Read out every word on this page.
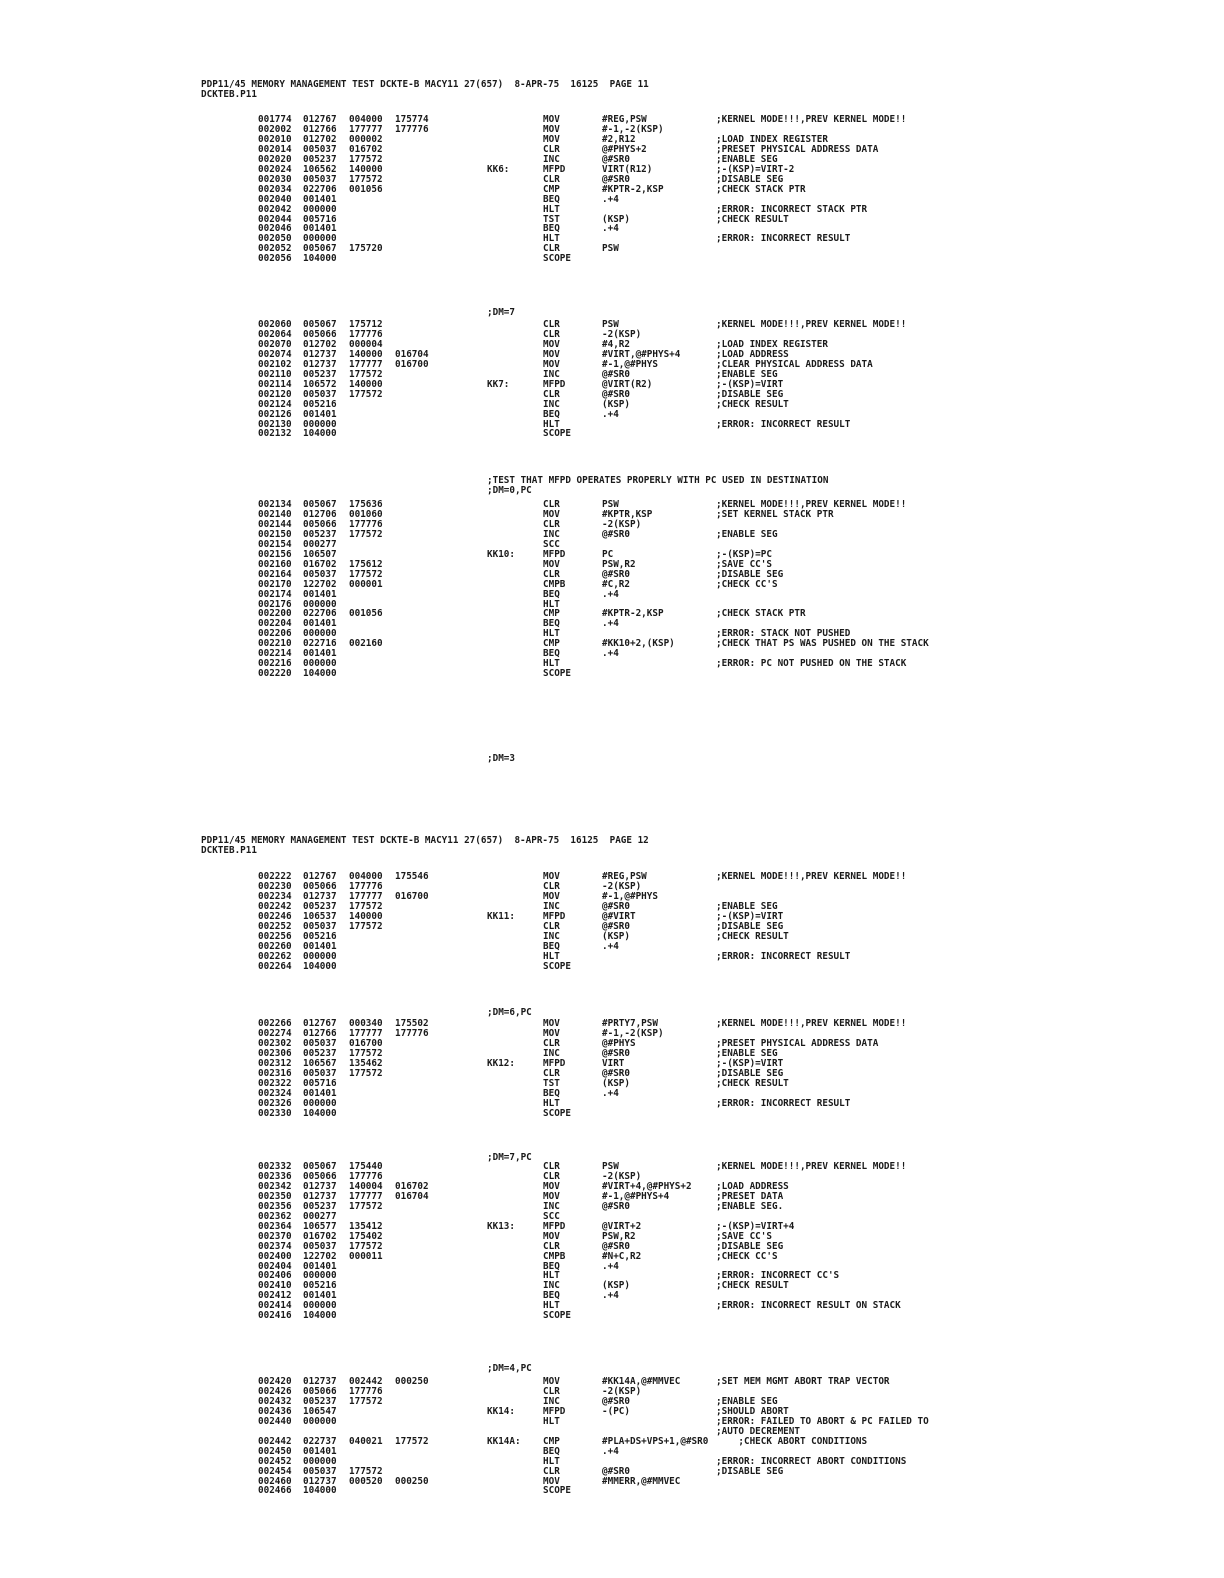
PDP11/45 MEMORY MANAGEMENT TEST DCKTE-B MACY11 27(657)  8-APR-75  16125  PAGE 11
DCKTEB.P11
001774 012767 004000 175774	MOV	#REG,PSW	;KERNEL MODE!!!,PREV KERNEL MODE!!
002002 012766 177777 177776	MOV	#-1,-2(KSP)
002010 012702 000002	MOV	#2,R12	;LOAD INDEX REGISTER
002014 005037 016702	CLR	@#PHYS+2	;PRESET PHYSICAL ADDRESS DATA
002020 005237 177572	INC	@#SR0	;ENABLE SEG
002024 106562 140000	KK6:	MFPD	VIRT(R12)	;-(KSP)=VIRT-2
002030 005037 177572	CLR	@#SR0	;DISABLE SEG
002034 022706 001056	CMP	#KPTR-2,KSP	;CHECK STACK PTR
002040 001401	BEQ	.+4
002042 000000	HLT	;ERROR: INCORRECT STACK PTR
002044 005716	TST	(KSP)	;CHECK RESULT
002046 001401	BEQ	.+4
002050 000000	HLT	;ERROR: INCORRECT RESULT
002052 005067 175720	CLR	PSW
002056 104000	SCOPE
;DM=7
002060 005067 175712	CLR	PSW	;KERNEL MODE!!!,PREV KERNEL MODE!!
002064 005066 177776	CLR	-2(KSP)
002070 012702 000004	MOV	#4,R2	;LOAD INDEX REGISTER
002074 012737 140000 016704	MOV	#VIRT,@#PHYS+4	;LOAD ADDRESS
002102 012737 177777 016700	MOV	#-1,@#PHYS	;CLEAR PHYSICAL ADDRESS DATA
002110 005237 177572	INC	@#SR0	;ENABLE SEG
002114 106572 140000	KK7:	MFPD	@VIRT(R2)	;-(KSP)=VIRT
002120 005037 177572	CLR	@#SR0	;DISABLE SEG
002124 005216	INC	(KSP)	;CHECK RESULT
002126 001401	BEQ	.+4
002130 000000	HLT	;ERROR: INCORRECT RESULT
002132 104000	SCOPE
;TEST THAT MFPD OPERATES PROPERLY WITH PC USED IN DESTINATION
;DM=0,PC
002134 005067 175636	CLR	PSW	;KERNEL MODE!!!,PREV KERNEL MODE!!
002140 012706 001060	MOV	#KPTR,KSP	;SET KERNEL STACK PTR
002144 005066 177776	CLR	-2(KSP)
002150 005237 177572	INC	@#SR0	;ENABLE SEG
002154 000277	SCC
002156 106507	KK10:	MFPD	PC	;-(KSP)=PC
002160 016702 175612	MOV	PSW,R2	;SAVE CC'S
002164 005037 177572	CLR	@#SR0	;DISABLE SEG
002170 122702 000001	CMPB	#C,R2	;CHECK CC'S
002174 001401	BEQ	.+4
002176 000000	HLT
002200 022706 001056	CMP	#KPTR-2,KSP	;CHECK STACK PTR
002204 001401	BEQ	.+4
002206 000000	HLT	;ERROR: STACK NOT PUSHED
002210 022716 002160	CMP	#KK10+2,(KSP)	;CHECK THAT PS WAS PUSHED ON THE STACK
002214 001401	BEQ	.+4
002216 000000	HLT	;ERROR: PC NOT PUSHED ON THE STACK
002220 104000	SCOPE
;DM=3
PDP11/45 MEMORY MANAGEMENT TEST DCKTE-B MACY11 27(657)  8-APR-75  16125  PAGE 12
DCKTEB.P11
002222 012767 004000 175546	MOV	#REG,PSW	;KERNEL MODE!!!,PREV KERNEL MODE!!
002230 005066 177776	CLR	-2(KSP)
002234 012737 177777 016700	MOV	#-1,@#PHYS
002242 005237 177572	INC	@#SR0	;ENABLE SEG
002246 106537 140000	KK11:	MFPD	@#VIRT	;-(KSP)=VIRT
002252 005037 177572	CLR	@#SR0	;DISABLE SEG
002256 005216	INC	(KSP)	;CHECK RESULT
002260 001401	BEQ	.+4
002262 000000	HLT	;ERROR: INCORRECT RESULT
002264 104000	SCOPE
;DM=6,PC
002266 012767 000340 175502	MOV	#PRTY7,PSW	;KERNEL MODE!!!,PREV KERNEL MODE!!
002274 012766 177777 177776	MOV	#-1,-2(KSP)
002302 005037 016700	CLR	@#PHYS	;PRESET PHYSICAL ADDRESS DATA
002306 005237 177572	INC	@#SR0	;ENABLE SEG
002312 106567 135462	KK12:	MFPD	VIRT	;-(KSP)=VIRT
002316 005037 177572	CLR	@#SR0	;DISABLE SEG
002322 005716	TST	(KSP)	;CHECK RESULT
002324 001401	BEQ	.+4
002326 000000	HLT	;ERROR: INCORRECT RESULT
002330 104000	SCOPE
;DM=7,PC
002332 005067 175440	CLR	PSW	;KERNEL MODE!!!,PREV KERNEL MODE!!
002336 005066 177776	CLR	-2(KSP)
002342 012737 140004 016702	MOV	#VIRT+4,@#PHYS+2	;LOAD ADDRESS
002350 012737 177777 016704	MOV	#-1,@#PHYS+4	;PRESET DATA
002356 005237 177572	INC	@#SR0	;ENABLE SEG.
002362 000277	SCC
002364 106577 135412	KK13:	MFPD	@VIRT+2	;-(KSP)=VIRT+4
002370 016702 175402	MOV	PSW,R2	;SAVE CC'S
002374 005037 177572	CLR	@#SR0	;DISABLE SEG
002400 122702 000011	CMPB	#N+C,R2	;CHECK CC'S
002404 001401	BEQ	.+4
002406 000000	HLT	;ERROR: INCORRECT CC'S
002410 005216	INC	(KSP)	;CHECK RESULT
002412 001401	BEQ	.+4
002414 000000	HLT	;ERROR: INCORRECT RESULT ON STACK
002416 104000	SCOPE
;DM=4,PC
002420 012737 002442 000250	MOV	#KK14A,@#MMVEC	;SET MEM MGMT ABORT TRAP VECTOR
002426 005066 177776	CLR	-2(KSP)
002432 005237 177572	INC	@#SR0	;ENABLE SEG
002436 106547	KK14:	MFPD	-(PC)	;SHOULD ABORT
002440 000000	HLT	;ERROR: FAILED TO ABORT & PC FAILED TO
;AUTO DECREMENT
002442 022737 040021 177572	KK14A: CMP	#PLA+DS+VPS+1,@#SR0 ;CHECK ABORT CONDITIONS
002450 001401	BEQ	.+4
002452 000000	HLT	;ERROR: INCORRECT ABORT CONDITIONS
002454 005037 177572	CLR	@#SR0	;DISABLE SEG
002460 012737 000520 000250	MOV	#MMERR,@#MMVEC
002466 104000	SCOPE
